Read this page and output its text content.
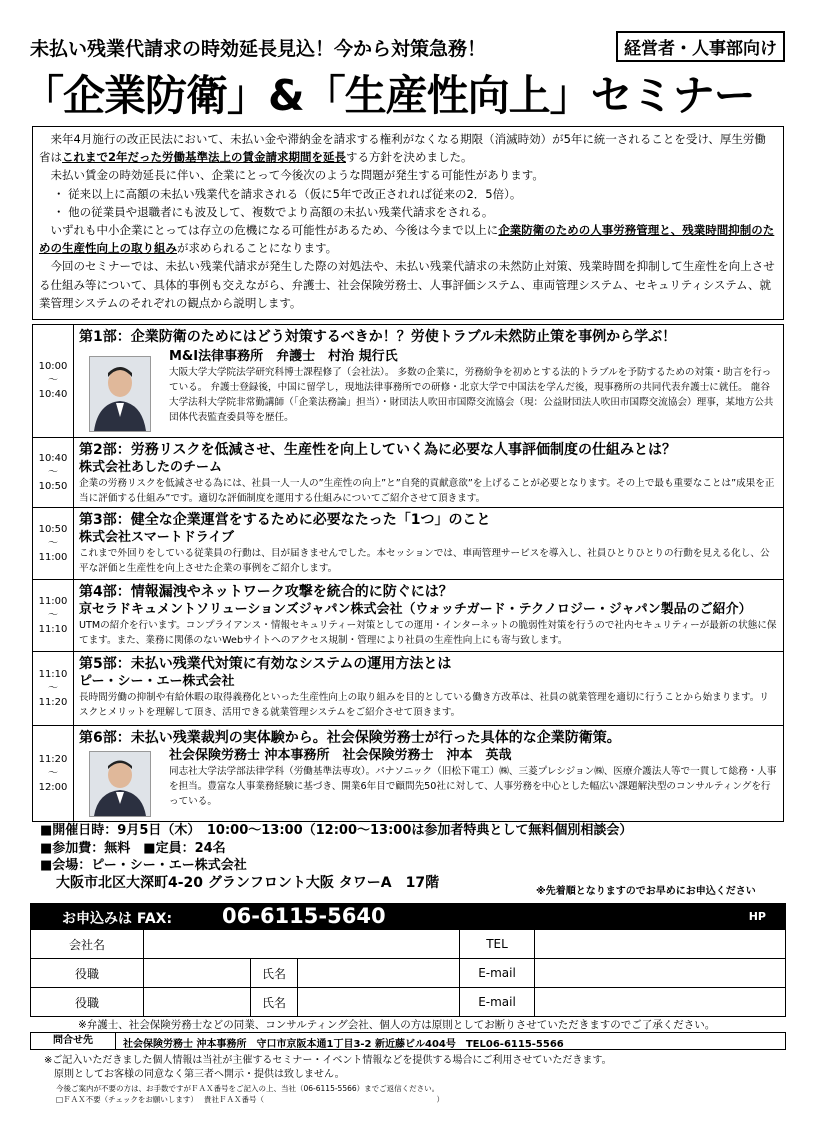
未払い残業代請求の時効延長見込！今から対策急務！	経営者・人事部向け
「企業防衛」&「生産性向上」セミナー

 来年4月施行の改正民法において、未払い金や滞納金を請求する権利がなくなる期限（消滅時効）が5年に統一されることを受け、厚生労働省はこれまで2年だった労働基準法上の賃金請求期間を延長する方針を決めました。

 未払い賃金の時効延長に伴い、企業にとって今後次のような問題が発生する可能性があります。

・ 従来以上に高額の未払い残業代を請求される（仮に5年で改正されれば従来の2．5倍）。

・ 他の従業員や退職者にも波及して、複数でより高額の未払い残業代請求をされる。

 いずれも中小企業にとっては存立の危機になる可能性があるため、今後は今まで以上に企業防衛のための人事労務管理と、残業時間抑制のための生産性向上の取り組みが求められることになります。

 今回のセミナーでは、未払い残業代請求が発生した際の対処法や、未払い残業代請求の未然防止対策、残業時間を抑制して生産性を向上させる仕組み等について、具体的事例も交えながら、弁護士、社会保険労務士、人事評価システム、車両管理システム、セキュリティシステム、就業管理システムのそれぞれの観点から説明します。

10:00
～
10:40
第1部：企業防衛のためにはどう対策するべきか！？労使トラブル未然防止策を事例から学ぶ！
M&I法律事務所　弁護士　村治 規行氏
大阪大学大学院法学研究科博士課程修了（会社法）。 多数の企業に，労務紛争を初めとする法的トラブルを予防するための対策・助言を行っている。 弁護士登録後，中国に留学し，現地法律事務所での研修・北京大学で中国法を学んだ後，現事務所の共同代表弁護士に就任。 龍谷大学法科大学院非常勤講師（「企業法務論」担当）・財団法人吹田市国際交流協会（現：公益財団法人吹田市国際交流協会）理事，某地方公共団体代表監査委員等を歴任。
10:40
～
10:50
第2部：労務リスクを低減させ、生産性を向上していく為に必要な人事評価制度の仕組みとは？
株式会社あしたのチーム
企業の労務リスクを低減させる為には、社員一人一人の”生産性の向上”と”自発的貢献意欲”を上げることが必要となります。その上で最も重要なことは”成果を正当に評価する仕組み”です。適切な評価制度を運用する仕組みについてご紹介させて頂きます。
10:50
～
11:00
第3部：健全な企業運営をするために必要なたった「1つ」のこと
株式会社スマートドライブ
これまで外回りをしている従業員の行動は、目が届きませんでした。本セッションでは、車両管理サービスを導入し、社員ひとりひとりの行動を見える化し、公平な評価と生産性を向上させた企業の事例をご紹介します。
11:00
～
11:10
第4部：情報漏洩やネットワーク攻撃を統合的に防ぐには？
京セラドキュメントソリューションズジャパン株式会社（ウォッチガード・テクノロジー・ジャパン製品のご紹介）
UTMの紹介を行います。コンプライアンス・情報セキュリティー対策としての運用・インターネットの脆弱性対策を行うので社内セキュリティーが最新の状態に保てます。また、業務に関係のないWebサイトへのアクセス規制・管理により社員の生産性向上にも寄与致します。
11:10
～
11:20
第5部：未払い残業代対策に有効なシステムの運用方法とは
ピー・シー・エー株式会社
長時間労働の抑制や有給休暇の取得義務化といった生産性向上の取り組みを目的としている働き方改革は、社員の就業管理を適切に行うことから始まります。リスクとメリットを理解して頂き、活用できる就業管理システムをご紹介させて頂きます。
11:20
～
12:00
第6部：未払い残業裁判の実体験から。社会保険労務士が行った具体的な企業防衛策。
社会保険労務士 沖本事務所　社会保険労務士　沖本　英哉
同志社大学法学部法律学科（労働基準法専攻）。パナソニック（旧松下電工）㈱、三菱プレシジョン㈱、医療介護法人等で一貫して総務・人事を担当。豊富な人事業務経験に基づき、開業6年目で顧問先50社に対して、人事労務を中心とした幅広い課題解決型のコンサルティングを行っている。
■開催日時：9月5日（木）　10:00～13:00（12:00～13:00は参加者特典として無料個別相談会）
■参加費：無料  ■定員：24名
■会場：ピー・シー・エー株式会社
大阪市北区大深町4-20 グランフロント大阪 タワーA　17階
※先着順となりますのでお早めにお申込ください
お申込みは FAX: 06-6115-5640	HP
会社名				TEL	
役職		氏名		E-mail	
役職		氏名		E-mail	
※弁護士、社会保険労務士などの同業、コンサルティング会社、個人の方は原則としてお断りさせていただきますのでご了承ください。
問合せ先	社会保険労務士 沖本事務所　守口市京阪本通1丁目3-2 新近藤ビル404号　TEL06-6115-5566
※ご記入いただきました個人情報は当社が主催するセミナー・イベント情報などを提供する場合にご利用させていただきます。
原則としてお客様の同意なく第三者へ開示・提供は致しません。
今後ご案内が不要の方は、お手数ですがＦＡＸ番号をご記入の上、当社（06-6115-5566）までご返信ください。
□ＦＡＸ不要（チェックをお願いします）　 貴社ＦＡＸ番号（　　　　　　　　　　　　　　　　　　　　　　　）
